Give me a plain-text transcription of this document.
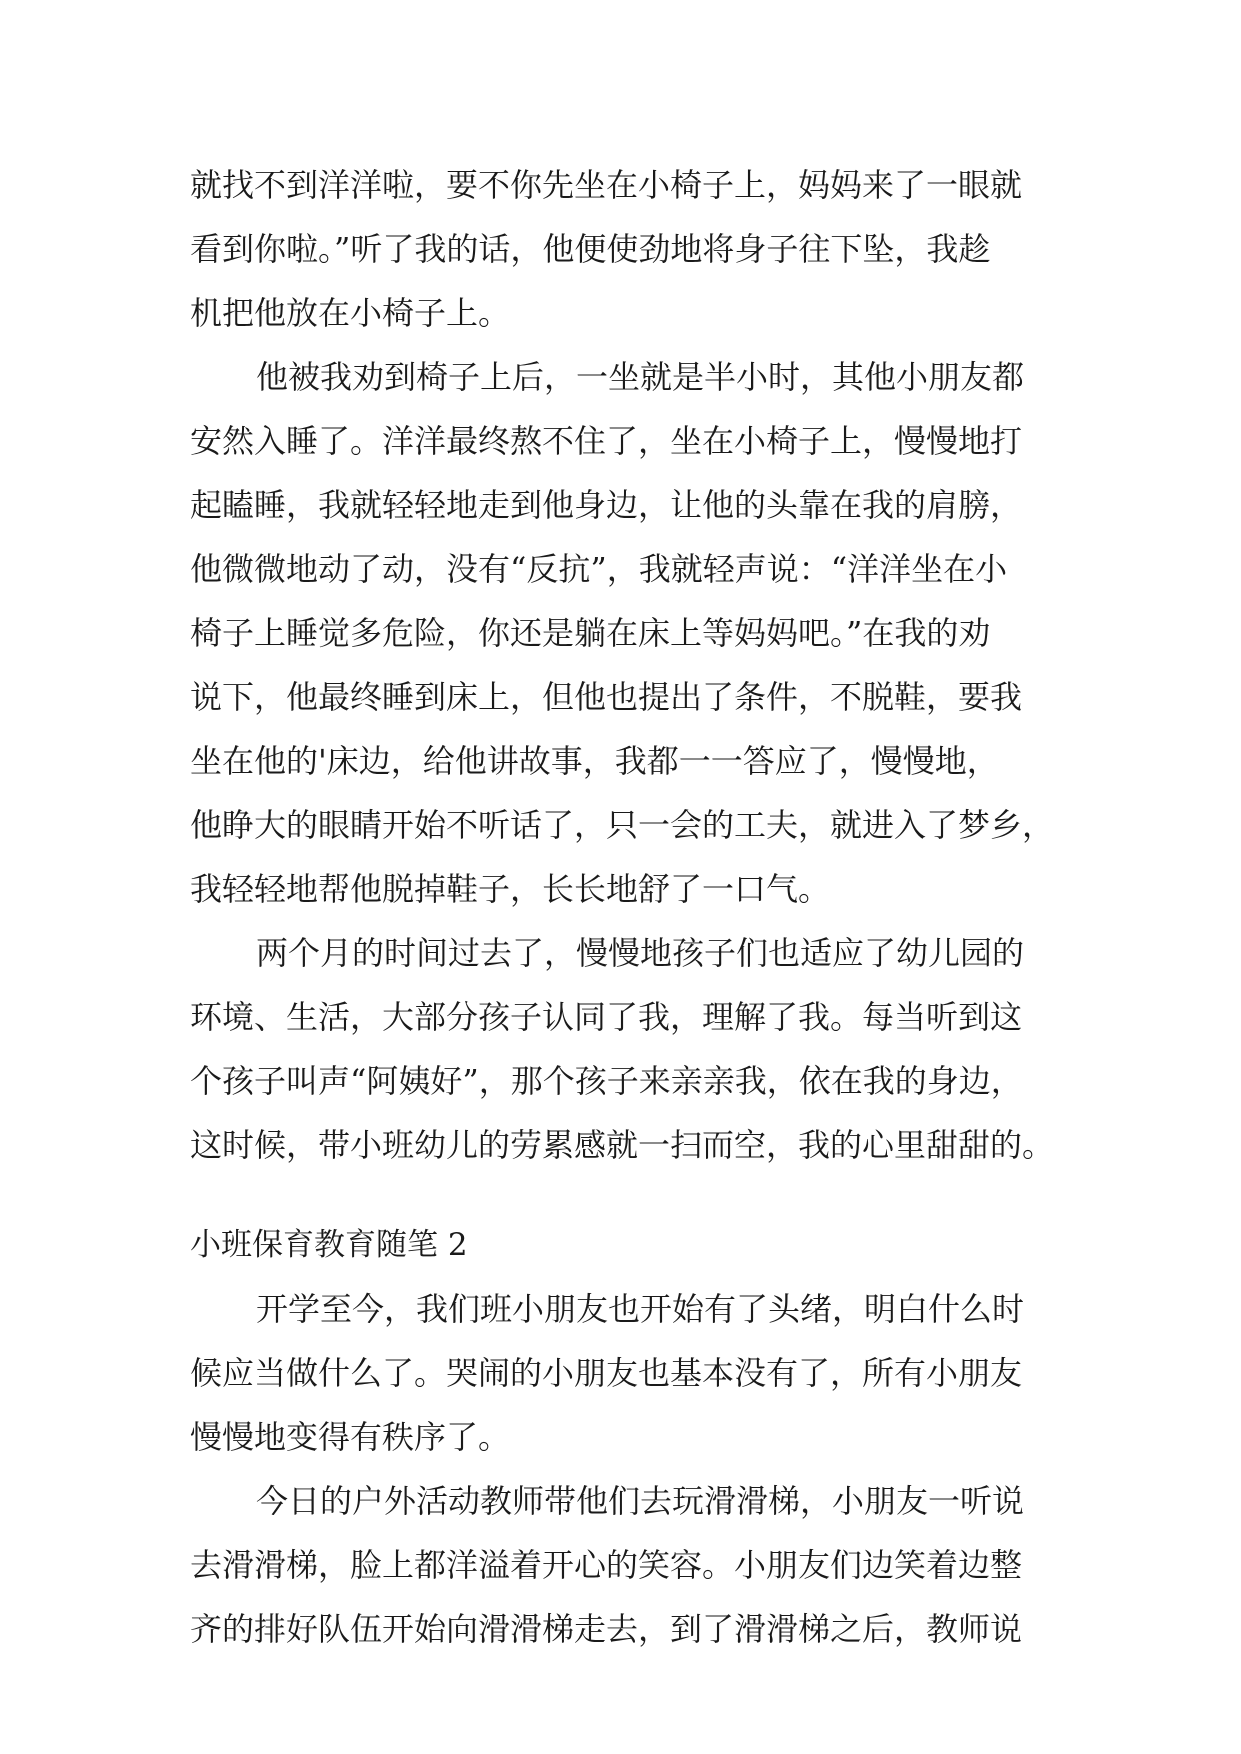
就找不到洋洋啦，要不你先坐在小椅子上，妈妈来了一眼就
看到你啦。”听了我的话，他便使劲地将身子往下坠，我趁
机把他放在小椅子上。
他被我劝到椅子上后，一坐就是半小时，其他小朋友都
安然入睡了。洋洋最终熬不住了，坐在小椅子上，慢慢地打
起瞌睡，我就轻轻地走到他身边，让他的头靠在我的肩膀，
他微微地动了动，没有“反抗”，我就轻声说：“洋洋坐在小
椅子上睡觉多危险，你还是躺在床上等妈妈吧。”在我的劝
说下，他最终睡到床上，但他也提出了条件，不脱鞋，要我
坐在他的'床边，给他讲故事，我都一一答应了，慢慢地，
他睁大的眼睛开始不听话了，只一会的工夫，就进入了梦乡，
我轻轻地帮他脱掉鞋子，长长地舒了一口气。
两个月的时间过去了，慢慢地孩子们也适应了幼儿园的
环境、生活，大部分孩子认同了我，理解了我。每当听到这
个孩子叫声“阿姨好”，那个孩子来亲亲我，依在我的身边，
这时候，带小班幼儿的劳累感就一扫而空，我的心里甜甜的。
小班保育教育随笔 2
开学至今，我们班小朋友也开始有了头绪，明白什么时
候应当做什么了。哭闹的小朋友也基本没有了，所有小朋友
慢慢地变得有秩序了。
今日的户外活动教师带他们去玩滑滑梯，小朋友一听说
去滑滑梯，脸上都洋溢着开心的笑容。小朋友们边笑着边整
齐的排好队伍开始向滑滑梯走去，到了滑滑梯之后，教师说
